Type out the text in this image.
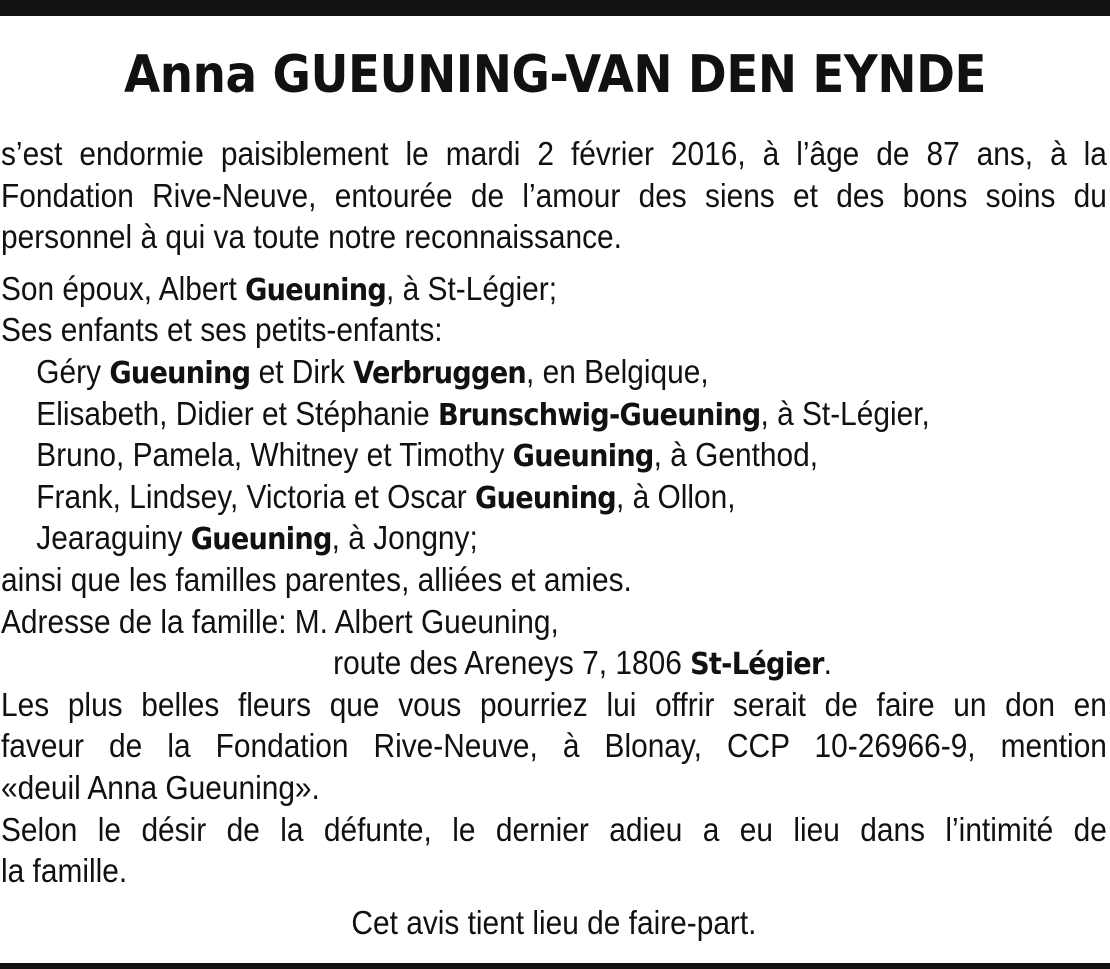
Anna GUEUNING-VAN DEN EYNDE
s’est endormie paisiblement le mardi 2 février 2016, à l’âge de 87 ans, à la
Fondation Rive-Neuve, entourée de l’amour des siens et des bons soins du
personnel à qui va toute notre reconnaissance.
Son époux, Albert Gueuning, à St-Légier;
Ses enfants et ses petits-enfants:
Géry Gueuning et Dirk Verbruggen, en Belgique,
Elisabeth, Didier et Stéphanie Brunschwig-Gueuning, à St-Légier,
Bruno, Pamela, Whitney et Timothy Gueuning, à Genthod,
Frank, Lindsey, Victoria et Oscar Gueuning, à Ollon,
Jearaguiny Gueuning, à Jongny;
ainsi que les familles parentes, alliées et amies.
Adresse de la famille: M. Albert Gueuning,
route des Areneys 7, 1806 St-Légier.
Les plus belles fleurs que vous pourriez lui offrir serait de faire un don en
faveur de la Fondation Rive-Neuve, à Blonay, CCP 10-26966-9, mention
«deuil Anna Gueuning».
Selon le désir de la défunte, le dernier adieu a eu lieu dans l’intimité de
la famille.
Cet avis tient lieu de faire-part.
